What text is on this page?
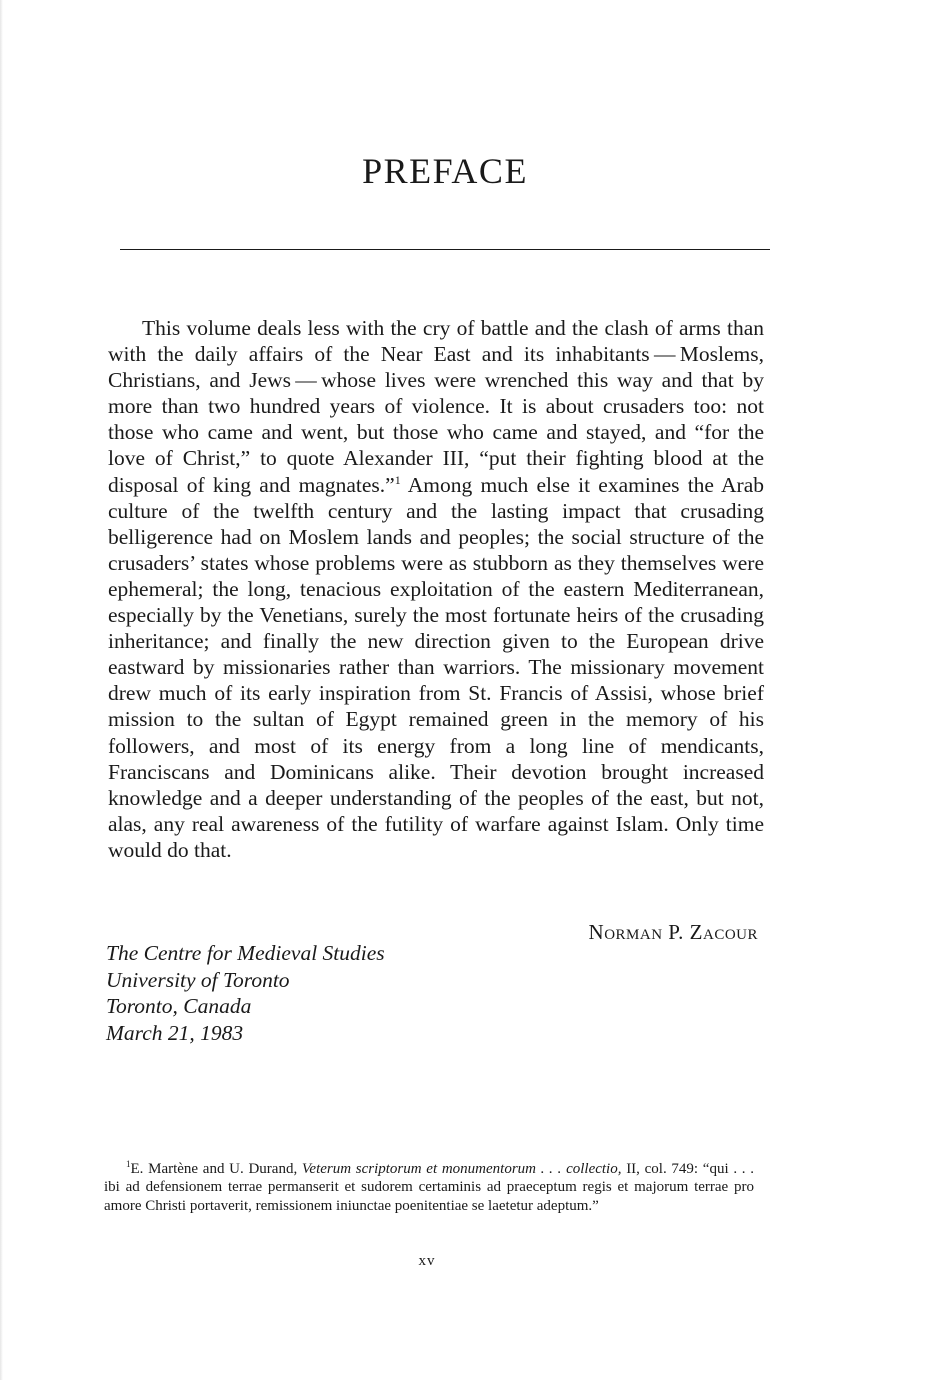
PREFACE

This volume deals less with the cry of battle and the clash of arms than with the daily affairs of the Near East and its inhabitants — Moslems, Christians, and Jews — whose lives were wrenched this way and that by more than two hundred years of violence. It is about crusaders too: not those who came and went, but those who came and stayed, and “for the love of Christ,” to quote Alexander III, “put their fighting blood at the disposal of king and magnates.”$^1$ Among much else it examines the Arab culture of the twelfth century and the lasting impact that crusading belligerence had on Moslem lands and peoples; the social structure of the crusaders’ states whose problems were as stubborn as they themselves were ephemeral; the long, tenacious exploitation of the eastern Mediterranean, especially by the Venetians, surely the most fortunate heirs of the crusading inheritance; and finally the new direction given to the European drive eastward by missionaries rather than warriors. The missionary movement drew much of its early inspiration from St. Francis of Assisi, whose brief mission to the sultan of Egypt remained green in the memory of his followers, and most of its energy from a long line of mendicants, Franciscans and Dominicans alike. Their devotion brought increased knowledge and a deeper understanding of the peoples of the east, but not, alas, any real awareness of the futility of warfare against Islam. Only time would do that.

Norman P. Zacour
The Centre for Medieval Studies
University of Toronto
Toronto, Canada
March 21, 1983

$^1$E. Martène and U. Durand, Veterum scriptorum et monumentorum . . . collectio, II, col. 749: “qui . . . ibi ad defensionem terrae permanserit et sudorem certaminis ad praeceptum regis et majorum terrae pro amore Christi portaverit, remissionem iniunctae poenitentiae se laetetur adeptum.”

xv
